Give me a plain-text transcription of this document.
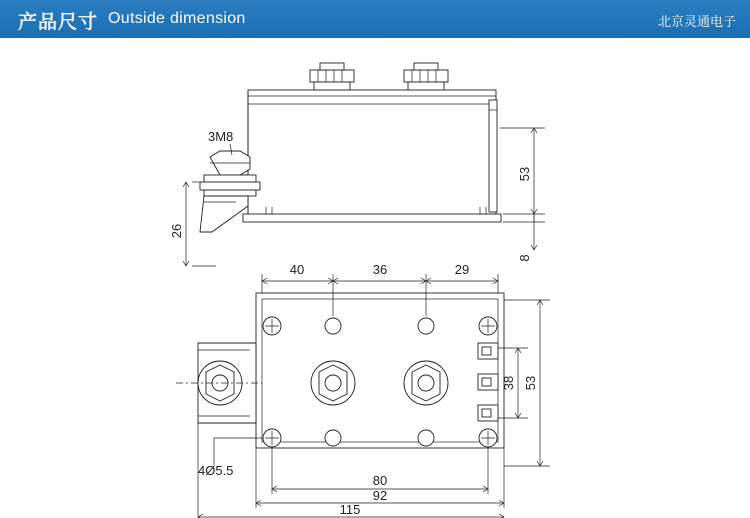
产品尺寸 Outside dimension	北京灵通电子
3M8
26
53
8
4Ø5.5
40	36	29
38 53
80
92
115
